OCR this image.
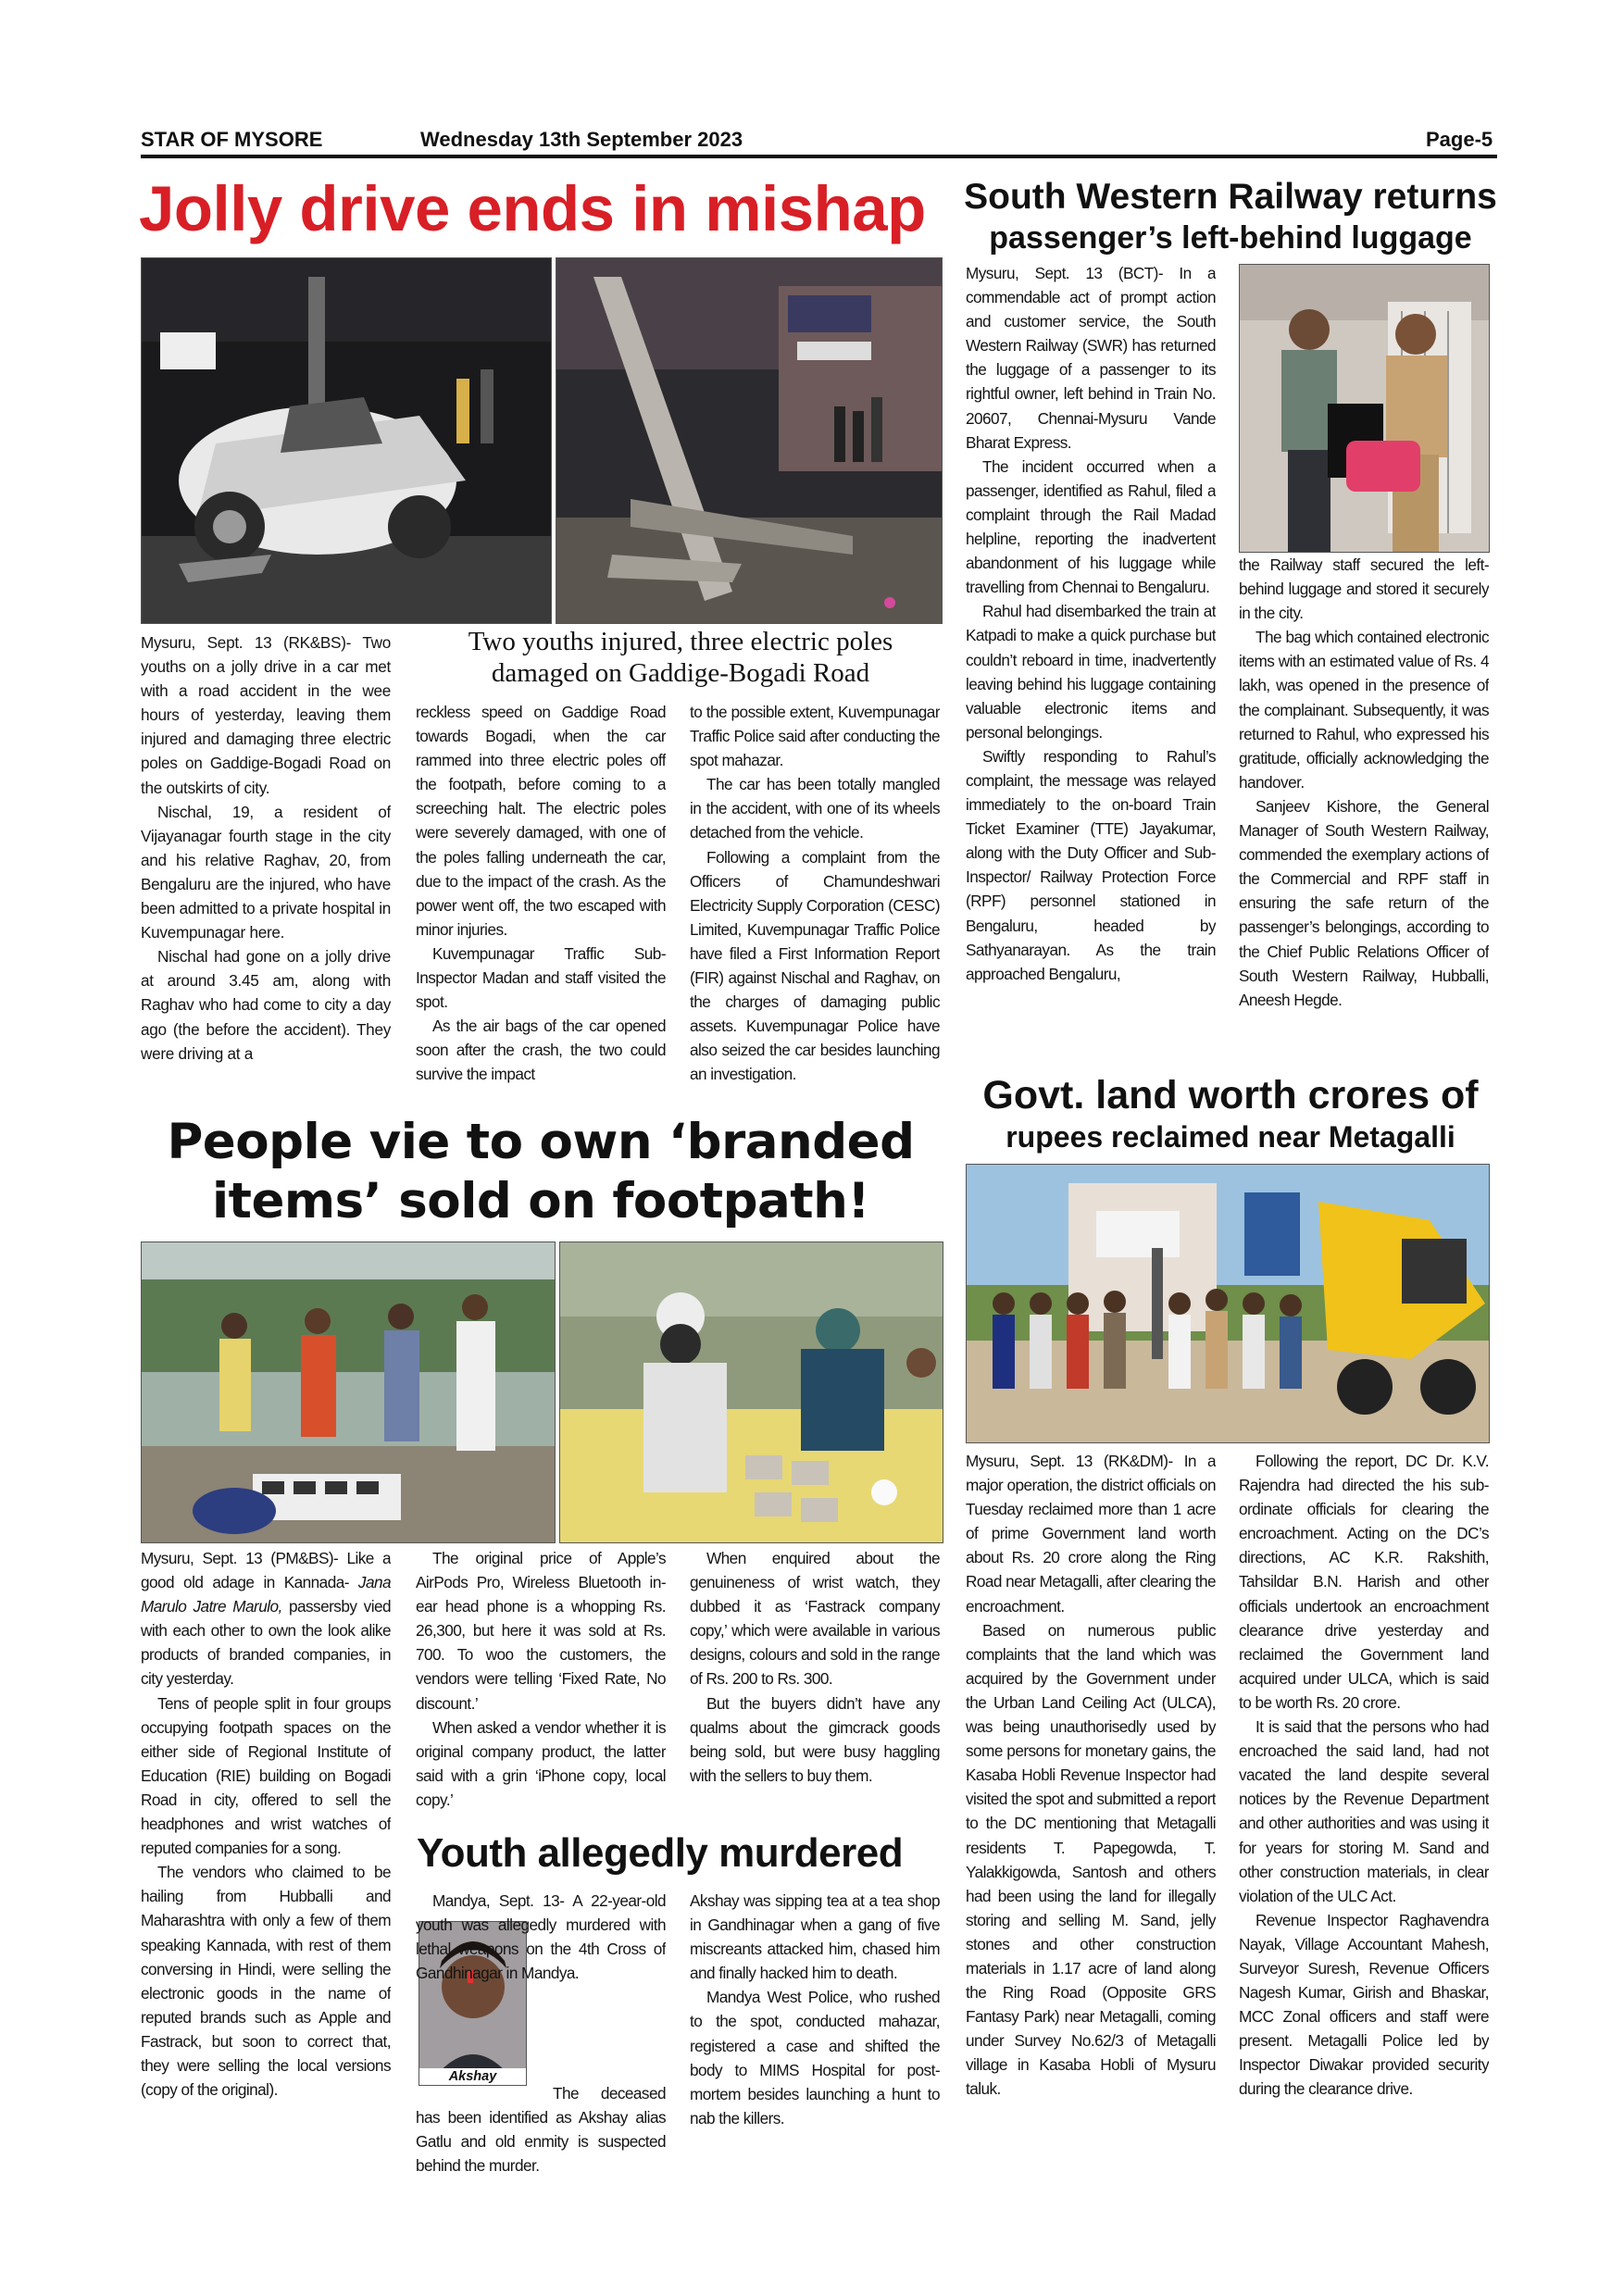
STAR OF MYSORE	Wednesday 13th September 2023	Page-5
Jolly drive ends in mishap
Two youths injured, three electric poles
damaged on Gaddige-Bogadi Road

Mysuru, Sept. 13 (RK&BS)- Two youths on a jolly drive in a car met with a road accident in the wee hours of yesterday, leaving them injured and damaging three electric poles on Gaddige-Bogadi Road on the outskirts of city.

Nischal, 19, a resident of Vijayanagar fourth stage in the city and his relative Raghav, 20, from Bengaluru are the injured, who have been admitted to a private hospital in Kuvempunagar here.

Nischal had gone on a jolly drive at around 3.45 am, along with Raghav who had come to city a day ago (the before the accident). They were driving at a

reckless speed on Gaddige Road towards Bogadi, when the car rammed into three electric poles off the footpath, before coming to a screeching halt. The electric poles were severely damaged, with one of the poles falling underneath the car, due to the impact of the crash. As the power went off, the two escaped with minor injuries.

Kuvempunagar Traffic Sub-Inspector Madan and staff visited the spot.

As the air bags of the car opened soon after the crash, the two could survive the impact

to the possible extent, Kuvempunagar Traffic Police said after conducting the spot mahazar.

The car has been totally mangled in the accident, with one of its wheels detached from the vehicle.

Following a complaint from the Officers of Chamundeshwari Electricity Supply Corporation (CESC) Limited, Kuvempunagar Traffic Police have filed a First Information Report (FIR) against Nischal and Raghav, on the charges of damaging public assets. Kuvempunagar Police have also seized the car besides launching an investigation.

South Western Railway returns
passenger’s left-behind luggage

Mysuru, Sept. 13 (BCT)- In a commendable act of prompt action and customer service, the South Western Railway (SWR) has returned the luggage of a passenger to its rightful owner, left behind in Train No. 20607, Chennai-Mysuru Vande Bharat Express.

The incident occurred when a passenger, identified as Rahul, filed a complaint through the Rail Madad helpline, reporting the inadvertent abandonment of his luggage while travelling from Chennai to Bengaluru.

Rahul had disembarked the train at Katpadi to make a quick purchase but couldn’t reboard in time, inadvertently leaving behind his luggage containing valuable electronic items and personal belongings.

Swiftly responding to Rahul’s complaint, the message was relayed immediately to the on-board Train Ticket Examiner (TTE) Jayakumar, along with the Duty Officer and Sub-Inspector/ Railway Protection Force (RPF) personnel stationed in Bengaluru, headed by Sathyanarayan. As the train approached Bengaluru,

the Railway staff secured the left-behind luggage and stored it securely in the city.

The bag which contained electronic items with an estimated value of Rs. 4 lakh, was opened in the presence of the complainant. Subsequently, it was returned to Rahul, who expressed his gratitude, officially acknowledging the handover.

Sanjeev Kishore, the General Manager of South Western Railway, commended the exemplary actions of the Commercial and RPF staff in ensuring the safe return of the passenger’s belongings, according to the Chief Public Relations Officer of South Western Railway, Hubballi, Aneesh Hegde.

People vie to own ‘branded
items’ sold on footpath!

Mysuru, Sept. 13 (PM&BS)- Like a good old adage in Kannada- Jana Marulo Jatre Marulo, passersby vied with each other to own the look alike products of branded companies, in city yesterday.

Tens of people split in four groups occupying footpath spaces on the either side of Regional Institute of Education (RIE) building on Bogadi Road in city, offered to sell the headphones and wrist watches of reputed companies for a song.

The vendors who claimed to be hailing from Hubballi and Maharashtra with only a few of them speaking Kannada, with rest of them conversing in Hindi, were selling the electronic goods in the name of reputed brands such as Apple and Fastrack, but soon to correct that, they were selling the local versions (copy of the original).

The original price of Apple’s AirPods Pro, Wireless Bluetooth in-ear head phone is a whopping Rs. 26,300, but here it was sold at Rs. 700. To woo the customers, the vendors were telling ‘Fixed Rate, No discount.’

When asked a vendor whether it is original company product, the latter said with a grin ‘iPhone copy, local copy.’

When enquired about the genuineness of wrist watch, they dubbed it as ‘Fastrack company copy,’ which were available in various designs, colours and sold in the range of Rs. 200 to Rs. 300.

But the buyers didn’t have any qualms about the gimcrack goods being sold, but were busy haggling with the sellers to buy them.

Youth allegedly murdered
Akshay

Mandya, Sept. 13- A 22-year-old youth was allegedly murdered with lethal weapons on the 4th Cross of Gandhinagar in Mandya.

The deceased has been identified as Akshay alias Gatlu and old enmity is suspected behind the murder.

Akshay was sipping tea at a tea shop in Gandhinagar when a gang of five miscreants attacked him, chased him and finally hacked him to death.

Mandya West Police, who rushed to the spot, conducted mahazar, registered a case and shifted the body to MIMS Hospital for post-mortem besides launching a hunt to nab the killers.

Govt. land worth crores of
rupees reclaimed near Metagalli

Mysuru, Sept. 13 (RK&DM)- In a major operation, the district officials on Tuesday reclaimed more than 1 acre of prime Government land worth about Rs. 20 crore along the Ring Road near Metagalli, after clearing the encroachment.

Based on numerous public complaints that the land which was acquired by the Government under the Urban Land Ceiling Act (ULCA), was being unauthorisedly used by some persons for monetary gains, the Kasaba Hobli Revenue Inspector had visited the spot and submitted a report to the DC mentioning that Metagalli residents T. Papegowda, T. Yalakkigowda, Santosh and others had been using the land for illegally storing and selling M. Sand, jelly stones and other construction materials in 1.17 acre of land along the Ring Road (Opposite GRS Fantasy Park) near Metagalli, coming under Survey No.62/3 of Metagalli village in Kasaba Hobli of Mysuru taluk.

Following the report, DC Dr. K.V. Rajendra had directed the his sub-ordinate officials for clearing the encroachment. Acting on the DC’s directions, AC K.R. Rakshith, Tahsildar B.N. Harish and other officials undertook an encroachment clearance drive yesterday and reclaimed the Government land acquired under ULCA, which is said to be worth Rs. 20 crore.

It is said that the persons who had encroached the said land, had not vacated the land despite several notices by the Revenue Department and other authorities and was using it for years for storing M. Sand and other construction materials, in clear violation of the ULC Act.

Revenue Inspector Raghavendra Nayak, Village Accountant Mahesh, Surveyor Suresh, Revenue Officers Nagesh Kumar, Girish and Bhaskar, MCC Zonal officers and staff were present. Metagalli Police led by Inspector Diwakar provided security during the clearance drive.
